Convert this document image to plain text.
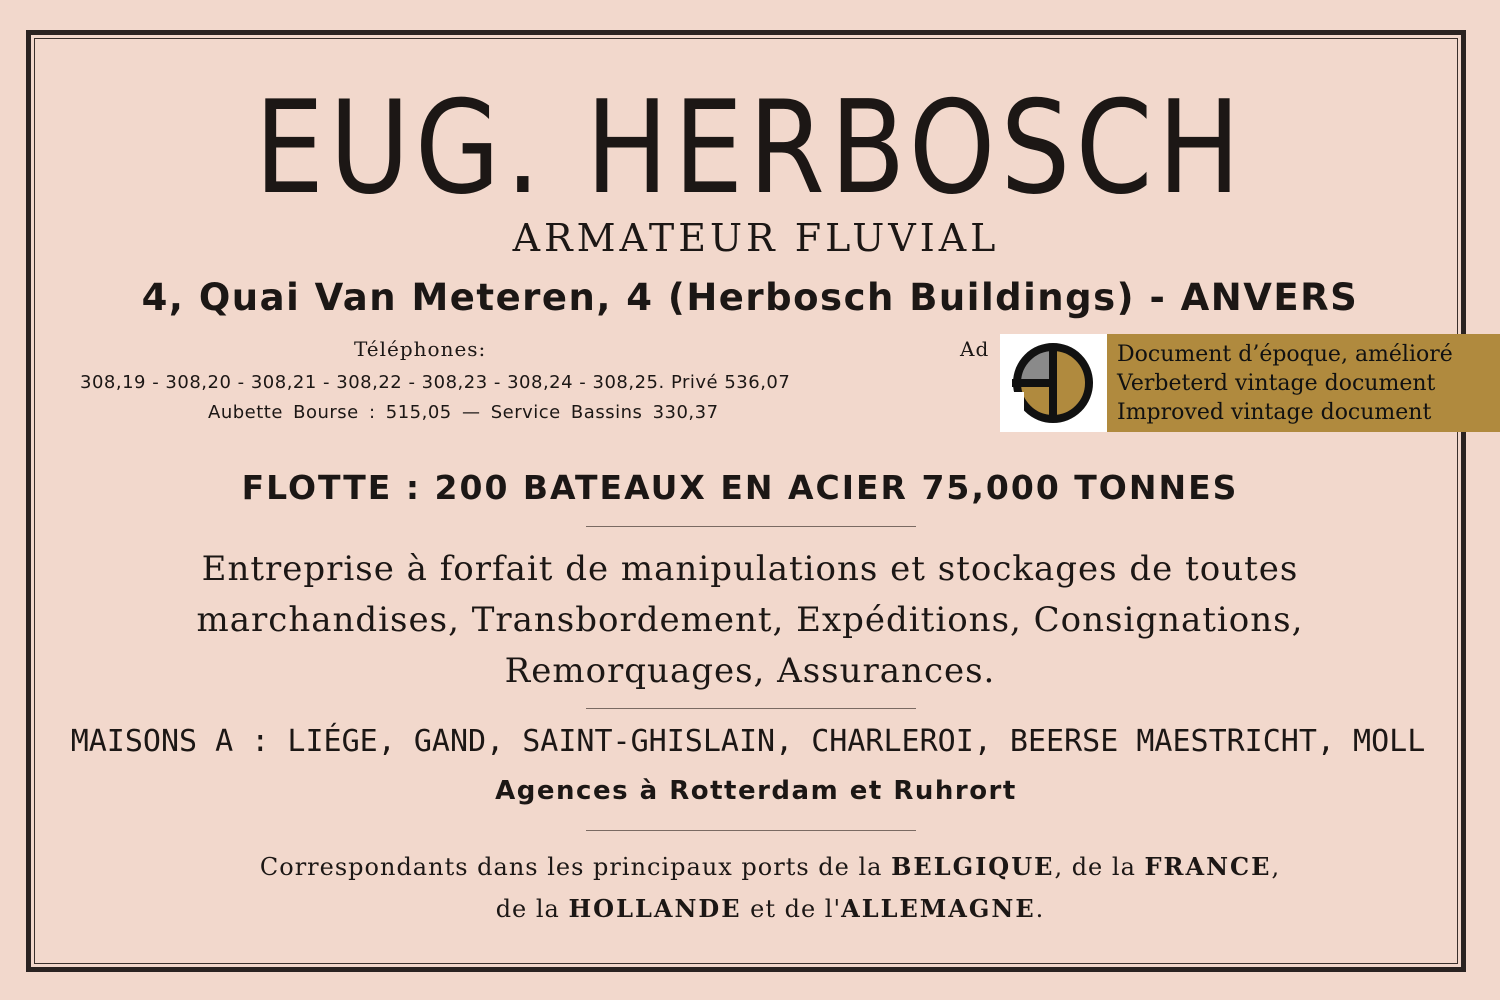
EUG. HERBOSCH
ARMATEUR FLUVIAL
4, Quai Van Meteren, 4 (Herbosch Buildings) - ANVERS
Téléphones:	Ad
308,19 - 308,20 - 308,21 - 308,22 - 308,23 - 308,24 - 308,25. Privé 536,07
Aubette Bourse : 515,05 — Service Bassins 330,37
FLOTTE : 200 BATEAUX EN ACIER 75,000 TONNES
Entreprise à forfait de manipulations et stockages de toutes
marchandises, Transbordement, Expéditions, Consignations,
Remorquages, Assurances.
MAISONS A : LIÉGE, GAND, SAINT-GHISLAIN, CHARLEROI, BEERSE MAESTRICHT, MOLL
Agences à Rotterdam et Ruhrort
Correspondants dans les principaux ports de la BELGIQUE, de la FRANCE,
de la HOLLANDE et de l'ALLEMAGNE.
Document d’époque, amélioré
Verbeterd vintage document
Improved vintage document
